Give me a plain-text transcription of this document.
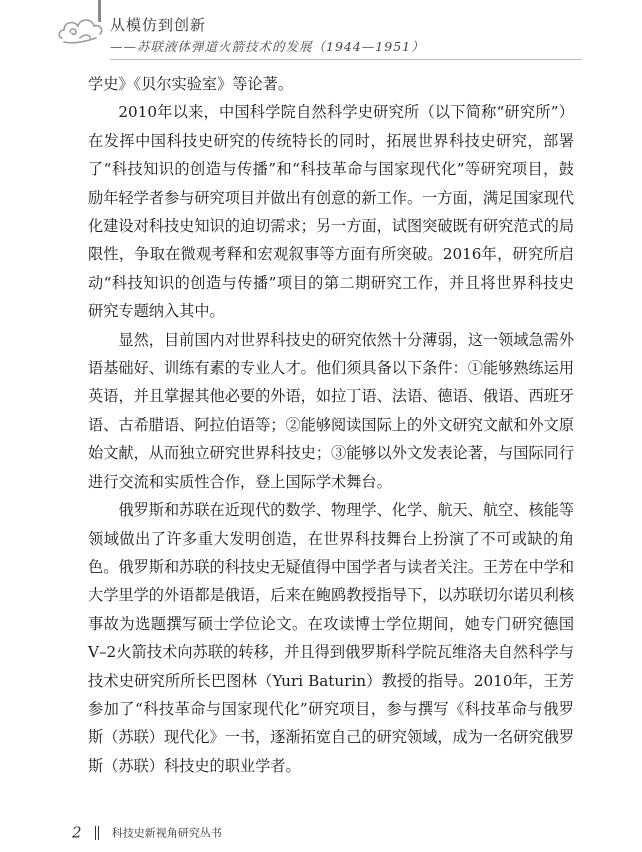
从模仿到创新
——苏联液体弹道火箭技术的发展（1944—1951）

学史》《贝尔实验室》等论著。

2010年以来，中国科学院自然科学史研究所（以下简称“研究所”）在发挥中国科技史研究的传统特长的同时，拓展世界科技史研究，部署了“科技知识的创造与传播”和“科技革命与国家现代化”等研究项目，鼓励年轻学者参与研究项目并做出有创意的新工作。一方面，满足国家现代化建设对科技史知识的迫切需求；另一方面，试图突破既有研究范式的局限性，争取在微观考释和宏观叙事等方面有所突破。2016年，研究所启动“科技知识的创造与传播”项目的第二期研究工作，并且将世界科技史研究专题纳入其中。

显然，目前国内对世界科技史的研究依然十分薄弱，这一领域急需外语基础好、训练有素的专业人才。他们须具备以下条件：①能够熟练运用英语，并且掌握其他必要的外语，如拉丁语、法语、德语、俄语、西班牙语、古希腊语、阿拉伯语等；②能够阅读国际上的外文研究文献和外文原始文献，从而独立研究世界科技史；③能够以外文发表论著，与国际同行进行交流和实质性合作，登上国际学术舞台。

俄罗斯和苏联在近现代的数学、物理学、化学、航天、航空、核能等领域做出了许多重大发明创造，在世界科技舞台上扮演了不可或缺的角色。俄罗斯和苏联的科技史无疑值得中国学者与读者关注。王芳在中学和大学里学的外语都是俄语，后来在鲍鸥教授指导下，以苏联切尔诺贝利核事故为选题撰写硕士学位论文。在攻读博士学位期间，她专门研究德国V–2火箭技术向苏联的转移，并且得到俄罗斯科学院瓦维洛夫自然科学与技术史研究所所长巴图林（Yuri Baturin）教授的指导。2010年，王芳参加了“科技革命与国家现代化”研究项目，参与撰写《科技革命与俄罗斯（苏联）现代化》一书，逐渐拓宽自己的研究领域，成为一名研究俄罗斯（苏联）科技史的职业学者。

2	科技史新视角研究丛书
